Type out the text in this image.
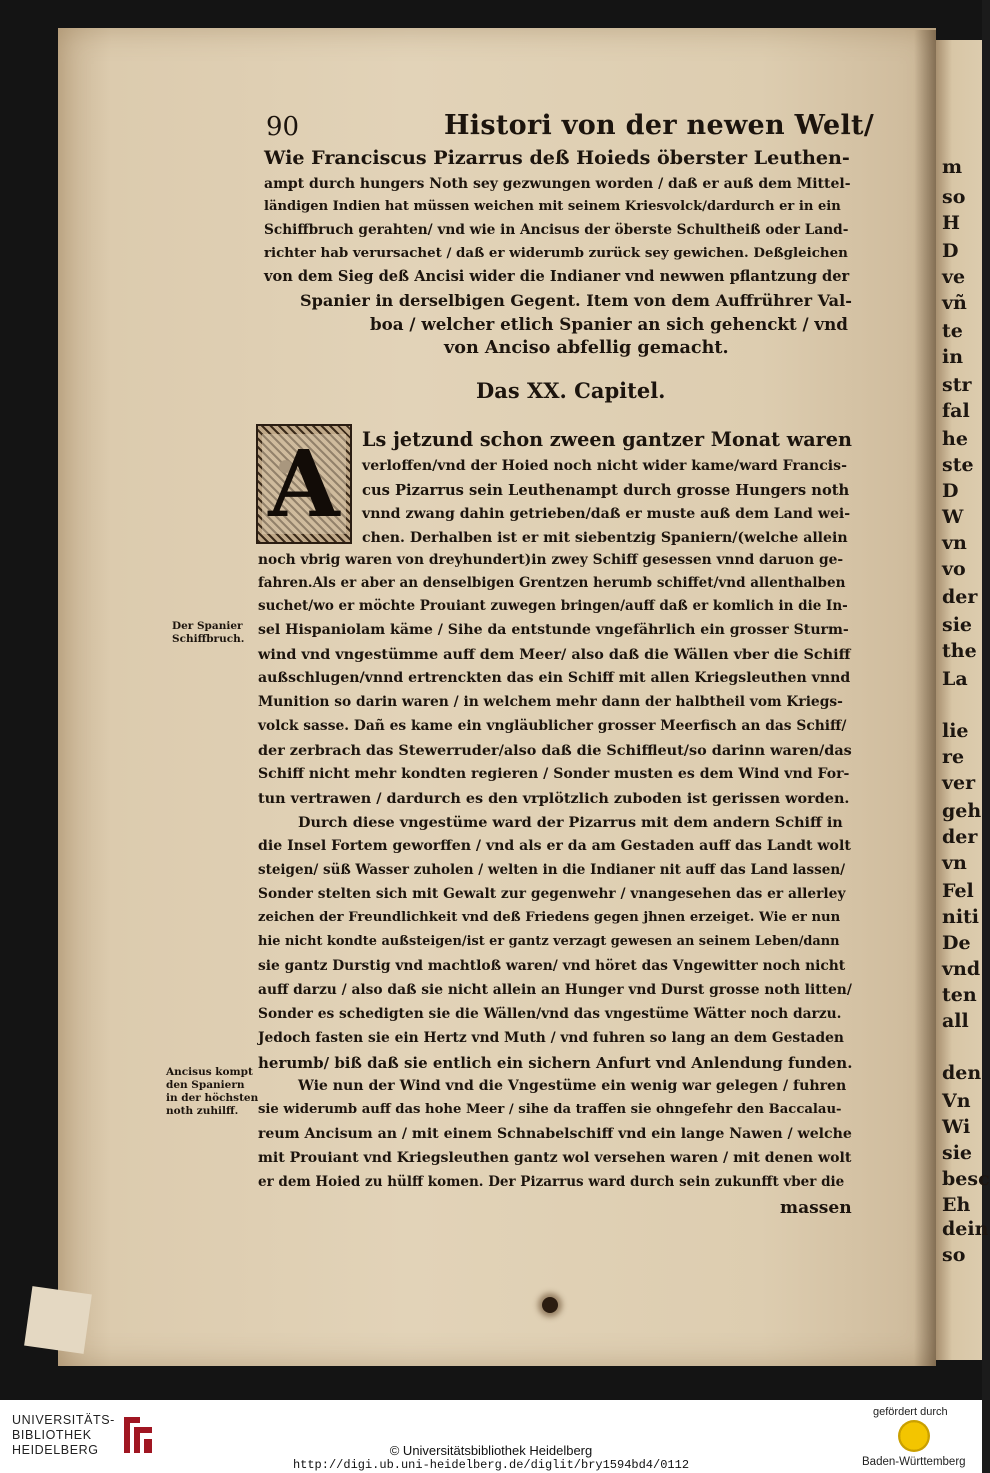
m
so
H
D
ve
vñ
te
in
str
fal
he
ste
D
W
vn
vo
der
sie
the
La
lie
re
ver
geh
der
vn
Fel
niti
De
vnd
ten
all
den
Vn
Wi
sie
besc
Eh
dein
so
90	Histori von der newen Welt/
Wie Franciscus Pizarrus deß Hoieds öberster Leuthen-
ampt durch hungers Noth sey gezwungen worden / daß er auß dem Mittel-
ländigen Indien hat müssen weichen mit seinem Kriesvolck/dardurch er in ein
Schiffbruch gerahten/ vnd wie in Ancisus der öberste Schultheiß oder Land-
richter hab verursachet / daß er widerumb zurück sey gewichen. Deßgleichen
von dem Sieg deß Ancisi wider die Indianer vnd newwen pflantzung der
Spanier in derselbigen Gegent. Item von dem Auffrührer Val-
boa / welcher etlich Spanier an sich gehenckt / vnd
von Anciso abfellig gemacht.
Das XX. Capitel.
A	Ls jetzund schon zween gantzer Monat waren
verloffen/vnd der Hoied noch nicht wider kame/ward Francis-
cus Pizarrus sein Leuthenampt durch grosse Hungers noth
vnnd zwang dahin getrieben/daß er muste auß dem Land wei-
chen. Derhalben ist er mit siebentzig Spaniern/(welche allein
noch vbrig waren von dreyhundert)in zwey Schiff gesessen vnnd daruon ge-
fahren.Als er aber an denselbigen Grentzen herumb schiffet/vnd allenthalben
suchet/wo er möchte Prouiant zuwegen bringen/auff daß er komlich in die In-
sel Hispaniolam käme / Sihe da entstunde vngefährlich ein grosser Sturm-
wind vnd vngestümme auff dem Meer/ also daß die Wällen vber die Schiff
außschlugen/vnnd ertrenckten das ein Schiff mit allen Kriegsleuthen vnnd
Munition so darin waren / in welchem mehr dann der halbtheil vom Kriegs-
volck sasse. Dañ es kame ein vngläublicher grosser Meerfisch an das Schiff/
der zerbrach das Stewerruder/also daß die Schiffleut/so darinn waren/das
Schiff nicht mehr kondten regieren / Sonder musten es dem Wind vnd For-
tun vertrawen / dardurch es den vrplötzlich zuboden ist gerissen worden.
Durch diese vngestüme ward der Pizarrus mit dem andern Schiff in
die Insel Fortem geworffen / vnd als er da am Gestaden auff das Landt wolt
steigen/ süß Wasser zuholen / welten in die Indianer nit auff das Land lassen/
Sonder stelten sich mit Gewalt zur gegenwehr / vnangesehen das er allerley
zeichen der Freundlichkeit vnd deß Friedens gegen jhnen erzeiget. Wie er nun
hie nicht kondte außsteigen/ist er gantz verzagt gewesen an seinem Leben/dann
sie gantz Durstig vnd machtloß waren/ vnd höret das Vngewitter noch nicht
auff darzu / also daß sie nicht allein an Hunger vnd Durst grosse noth litten/
Sonder es schedigten sie die Wällen/vnd das vngestüme Wätter noch darzu.
Jedoch fasten sie ein Hertz vnd Muth / vnd fuhren so lang an dem Gestaden
herumb/ biß daß sie entlich ein sichern Anfurt vnd Anlendung funden.
Wie nun der Wind vnd die Vngestüme ein wenig war gelegen / fuhren
sie widerumb auff das hohe Meer / sihe da traffen sie ohngefehr den Baccalau-
reum Ancisum an / mit einem Schnabelschiff vnd ein lange Nawen / welche
mit Prouiant vnd Kriegsleuthen gantz wol versehen waren / mit denen wolt
er dem Hoied zu hülff komen. Der Pizarrus ward durch sein zukunfft vber die
massen
Der Spanier
Schiffbruch.
Ancisus kompt
den Spaniern
in der höchsten
noth zuhilff.
UNIVERSITÄTS-
BIBLIOTHEK
HEIDELBERG	© Universitätsbibliothek Heidelberg
http://digi.ub.uni-heidelberg.de/diglit/bry1594bd4/0112
gefördert durch
Baden-Württemberg
